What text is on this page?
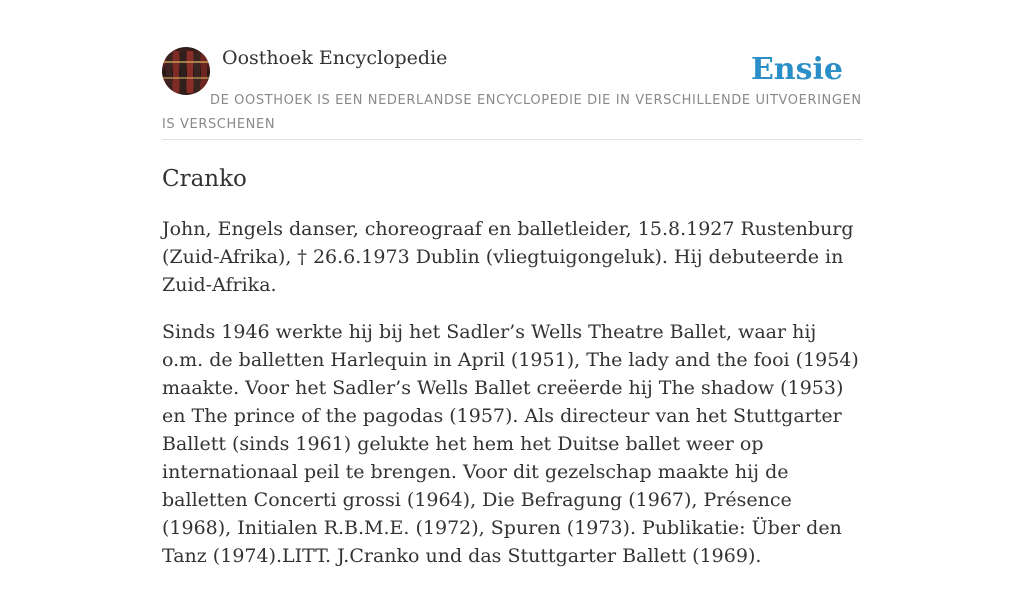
Oosthoek Encyclopedie	Ensie
DE OOSTHOEK IS EEN NEDERLANDSE ENCYCLOPEDIE DIE IN VERSCHILLENDE UITVOERINGEN IS VERSCHENEN
Cranko

John, Engels danser, choreograaf en balletleider, 15.8.1927 Rustenburg (Zuid-Afrika), † 26.6.1973 Dublin (vliegtuigongeluk). Hij debuteerde in Zuid-Afrika.

Sinds 1946 werkte hij bij het Sadler’s Wells Theatre Ballet, waar hij o.m. de balletten Harlequin in April (1951), The lady and the fooi (1954) maakte. Voor het Sadler’s Wells Ballet creëerde hij The shadow (1953) en The prince of the pagodas (1957). Als directeur van het Stuttgarter Ballett (sinds 1961) gelukte het hem het Duitse ballet weer op internationaal peil te brengen. Voor dit gezelschap maakte hij de balletten Concerti grossi (1964), Die Befragung (1967), Présence (1968), Initialen R.B.M.E. (1972), Spuren (1973). Publikatie: Über den Tanz (1974).LITT. J.Cranko und das Stuttgarter Ballett (1969).
